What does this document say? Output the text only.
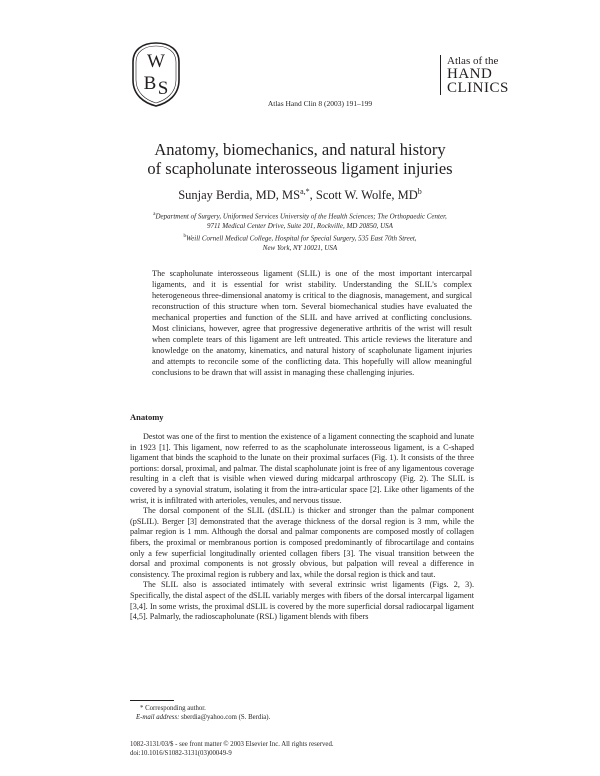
W
B S
Atlas of the
HAND
CLINICS
Atlas Hand Clin 8 (2003) 191–199
Anatomy, biomechanics, and natural history
of scapholunate interosseous ligament injuries
Sunjay Berdia, MD, $MS^{a,*}$, Scott W. Wolfe, $MD^b$
$^a$Department of Surgery, Uniformed Services University of the Health Sciences; The Orthopaedic Center,
9711 Medical Center Drive, Suite 201, Rockville, MD 20850, USA
$^b$Weill Cornell Medical College, Hospital for Special Surgery, 535 East 70th Street,
New York, NY 10021, USA
The scapholunate interosseous ligament (SLIL) is one of the most important intercarpal ligaments, and it is essential for wrist stability. Understanding the SLIL's complex heterogeneous three-dimensional anatomy is critical to the diagnosis, management, and surgical reconstruction of this structure when torn. Several biomechanical studies have evaluated the mechanical properties and function of the SLIL and have arrived at conflicting conclusions. Most clinicians, however, agree that progressive degenerative arthritis of the wrist will result when complete tears of this ligament are left untreated. This article reviews the literature and knowledge on the anatomy, kinematics, and natural history of scapholunate ligament injuries and attempts to reconcile some of the conflicting data. This hopefully will allow meaningful conclusions to be drawn that will assist in managing these challenging injuries.
Anatomy

Destot was one of the first to mention the existence of a ligament connecting the scaphoid and lunate in 1923 [1]. This ligament, now referred to as the scapholunate interosseous ligament, is a C-shaped ligament that binds the scaphoid to the lunate on their proximal surfaces (Fig. 1). It consists of the three portions: dorsal, proximal, and palmar. The distal scapholunate joint is free of any ligamentous coverage resulting in a cleft that is visible when viewed during midcarpal arthroscopy (Fig. 2). The SLIL is covered by a synovial stratum, isolating it from the intra-articular space [2]. Like other ligaments of the wrist, it is infiltrated with arterioles, venules, and nervous tissue.

The dorsal component of the SLIL (dSLIL) is thicker and stronger than the palmar component (pSLIL). Berger [3] demonstrated that the average thickness of the dorsal region is 3 mm, while the palmar region is 1 mm. Although the dorsal and palmar components are composed mostly of collagen fibers, the proximal or membranous portion is composed predominantly of fibrocartilage and contains only a few superficial longitudinally oriented collagen fibers [3]. The visual transition between the dorsal and proximal components is not grossly obvious, but palpation will reveal a difference in consistency. The proximal region is rubbery and lax, while the dorsal region is thick and taut.

The SLIL also is associated intimately with several extrinsic wrist ligaments (Figs. 2, 3). Specifically, the distal aspect of the dSLIL variably merges with fibers of the dorsal intercarpal ligament [3,4]. In some wrists, the proximal dSLIL is covered by the more superficial dorsal radiocarpal ligament [4,5]. Palmarly, the radioscapholunate (RSL) ligament blends with fibers

* Corresponding author.
E-mail address: sberdia@yahoo.com (S. Berdia).
1082-3131/03/$ - see front matter © 2003 Elsevier Inc. All rights reserved.
doi:10.1016/S1082-3131(03)00049-9
